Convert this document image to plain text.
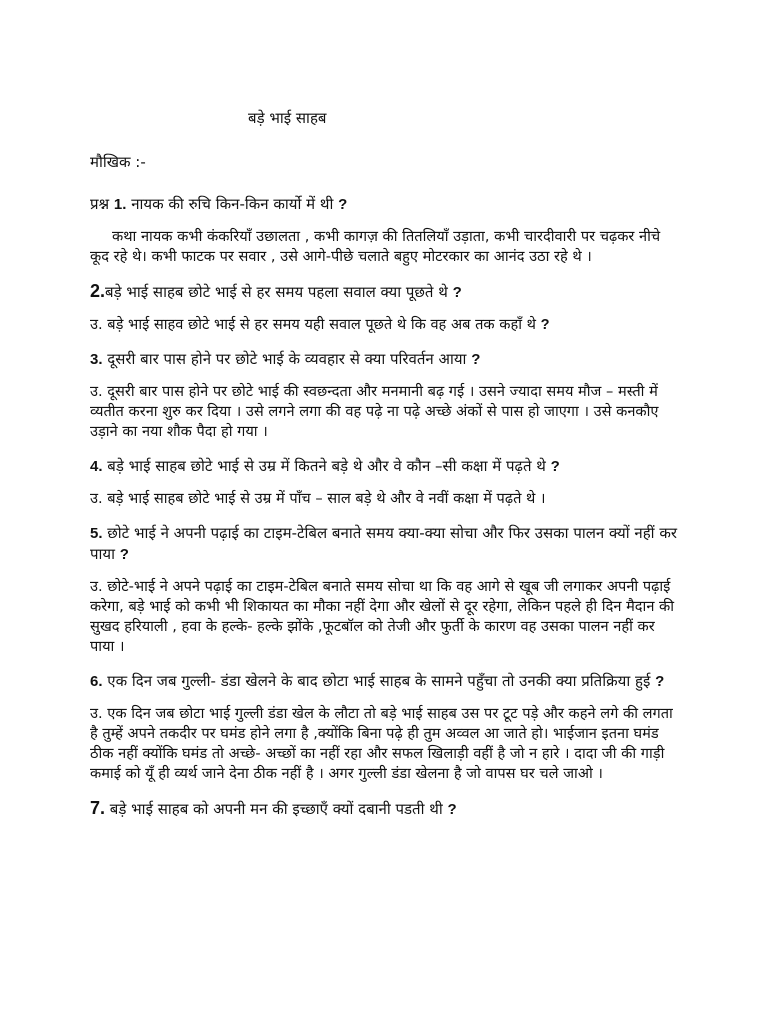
बड़े भाई साहब
मौखिक :-
प्रश्न 1. नायक की रुचि किन-किन कार्यो में थी ?
कथा नायक कभी कंकरियाँ उछालता , कभी कागज़ की तितलियाँ उड़ाता, कभी चारदीवारी पर चढ़कर नीचे कूद रहे थे। कभी फाटक पर सवार , उसे आगे-पीछे चलाते बहुए मोटरकार का आनंद उठा रहे थे ।
2.बड़े भाई साहब छोटे भाई से हर समय पहला सवाल क्या पूछते थे ?
उ. बड़े भाई साहव छोटे भाई से हर समय यही सवाल पूछते थे कि वह अब तक कहाँ थे ?
3. दूसरी बार पास होने पर छोटे भाई के व्यवहार से क्या परिवर्तन आया ?
उ. दूसरी बार पास होने पर छोटे भाई की स्वछन्दता और मनमानी बढ़ गई । उसने ज्यादा समय मौज – मस्ती में व्यतीत करना शुरु कर दिया । उसे लगने लगा की वह पढ़े ना पढ़े अच्छे अंकों से पास हो जाएगा । उसे कनकौए उड़ाने का नया शौक पैदा हो गया ।
4. बड़े भाई साहब छोटे भाई से उम्र में कितने बड़े थे और वे कौन –सी कक्षा में पढ़ते थे ?
उ. बड़े भाई साहब छोटे भाई से उम्र में पाँच – साल बड़े थे और वे नवीं कक्षा में पढ़ते थे ।
5. छोटे भाई ने अपनी पढ़ाई का टाइम-टेबिल बनाते समय क्या-क्या सोचा और फिर उसका पालन क्यों नहीं कर पाया ?
उ. छोटे-भाई ने अपने पढ़ाई का टाइम-टेबिल बनाते समय सोचा था कि वह आगे से खूब जी लगाकर अपनी पढ़ाई करेगा, बड़े भाई को कभी भी शिकायत का मौका नहीं देगा और खेलों से दूर रहेगा, लेकिन पहले ही दिन मैदान की सुखद हरियाली , हवा के हल्के- हल्के झोंके ,फूटबॉल को तेजी और फुर्ती के कारण वह उसका पालन नहीं कर पाया ।
6. एक दिन जब गुल्ली- डंडा खेलने के बाद छोटा भाई साहब के सामने पहुँचा तो उनकी क्या प्रतिक्रिया हुई ?
उ. एक दिन जब छोटा भाई गुल्ली डंडा खेल के लौटा तो बड़े भाई साहब उस पर टूट पड़े और कहने लगे की लगता है तुम्हें अपने तकदीर पर घमंड होने लगा है ,क्योंकि बिना पढ़े ही तुम अव्वल आ जाते हो। भाईजान इतना घमंड ठीक नहीं क्योंकि घमंड तो अच्छे- अच्छों का नहीं रहा और सफल खिलाड़ी वहीं है जो न हारे । दादा जी की गाड़ी कमाई को यूँ ही व्यर्थ जाने देना ठीक नहीं है । अगर गुल्ली डंडा खेलना है जो वापस घर चले जाओ ।
7. बड़े भाई साहब को अपनी मन की इच्छाएँ क्यों दबानी पडती थी ?
